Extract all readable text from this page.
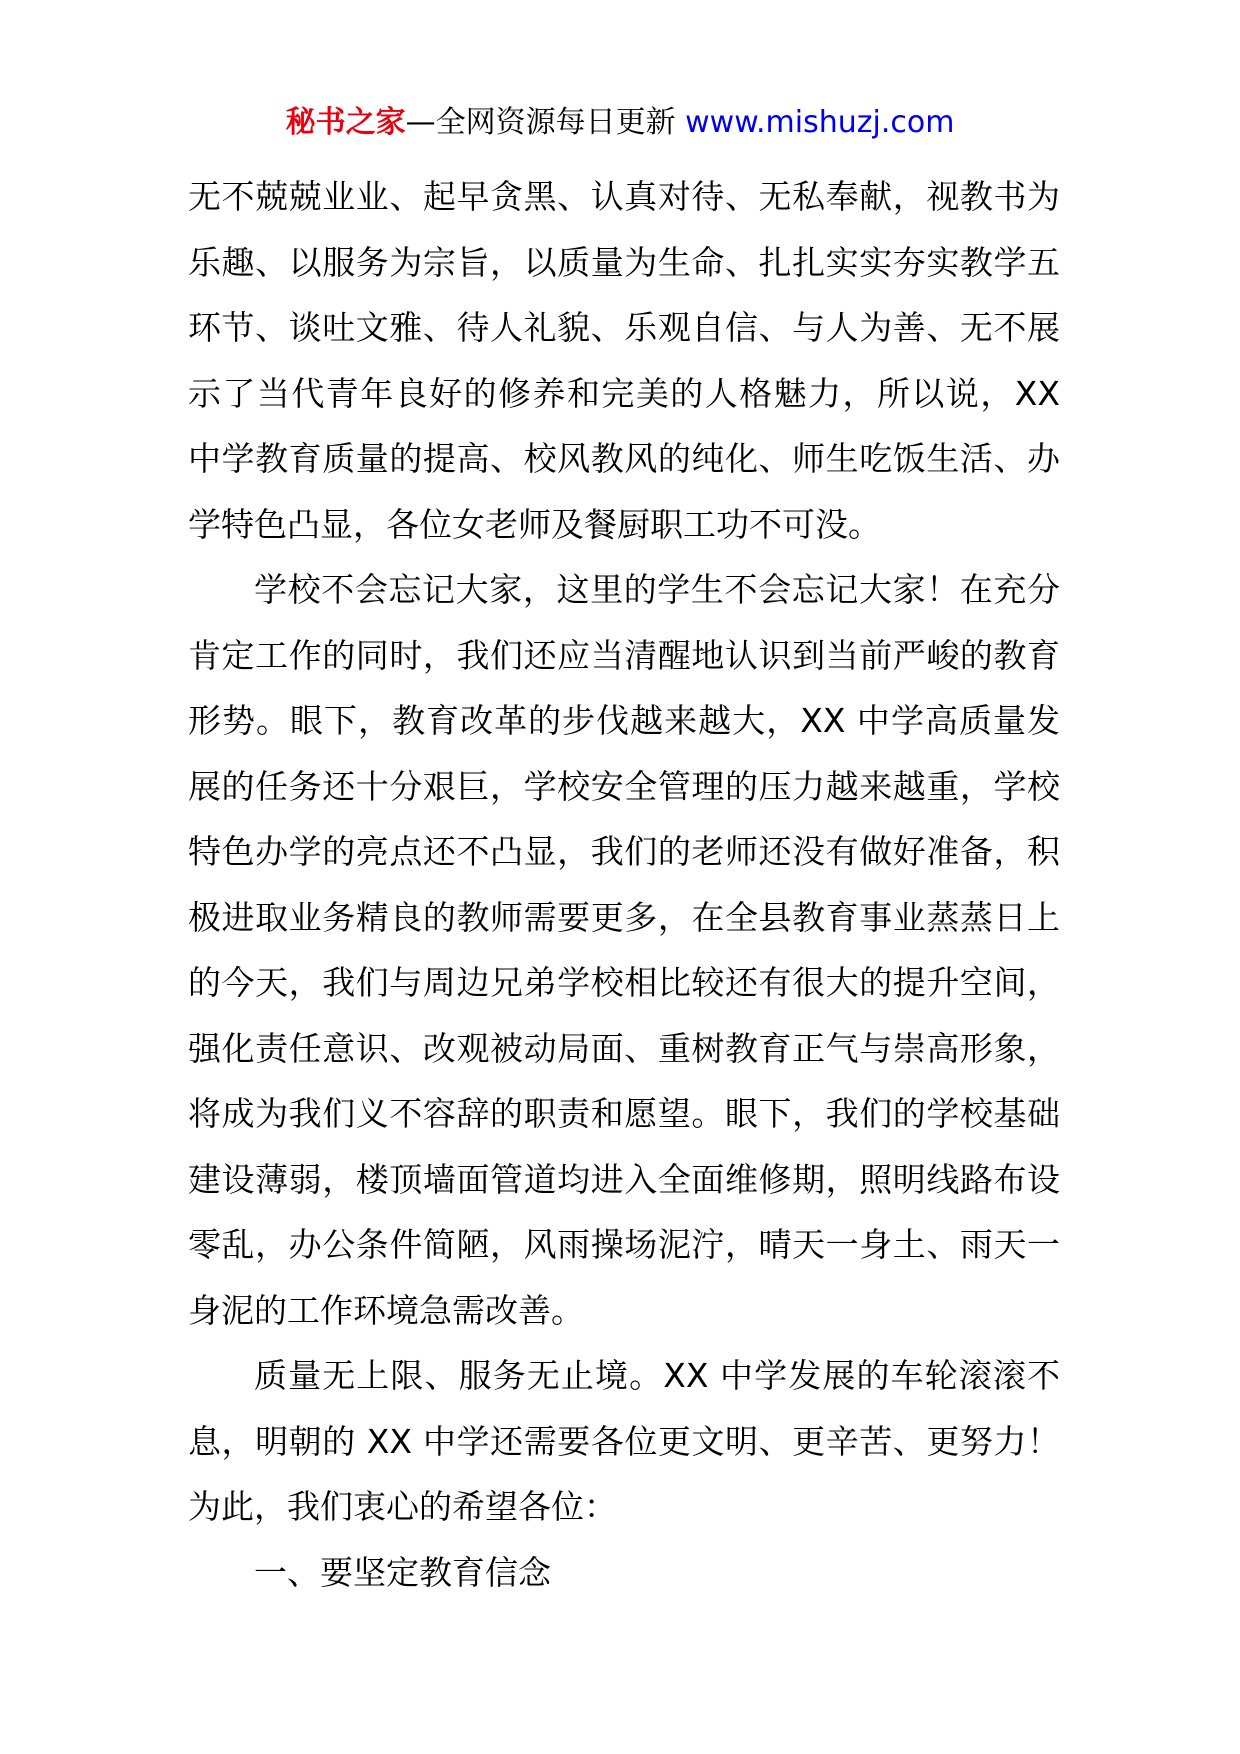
秘书之家—全网资源每日更新 www.mishuzj.com

无不兢兢业业、起早贪黑、认真对待、无私奉献，视教书为乐趣、以服务为宗旨，以质量为生命、扎扎实实夯实教学五环节、谈吐文雅、待人礼貌、乐观自信、与人为善、无不展示了当代青年良好的修养和完美的人格魅力，所以说，XX 中学教育质量的提高、校风教风的纯化、师生吃饭生活、办学特色凸显，各位女老师及餐厨职工功不可没。

学校不会忘记大家，这里的学生不会忘记大家！在充分肯定工作的同时，我们还应当清醒地认识到当前严峻的教育形势。眼下，教育改革的步伐越来越大，XX 中学高质量发展的任务还十分艰巨，学校安全管理的压力越来越重，学校特色办学的亮点还不凸显，我们的老师还没有做好准备，积极进取业务精良的教师需要更多，在全县教育事业蒸蒸日上的今天，我们与周边兄弟学校相比较还有很大的提升空间，强化责任意识、改观被动局面、重树教育正气与崇高形象，将成为我们义不容辞的职责和愿望。眼下，我们的学校基础建设薄弱，楼顶墙面管道均进入全面维修期，照明线路布设零乱，办公条件简陋，风雨操场泥泞，晴天一身土、雨天一身泥的工作环境急需改善。

质量无上限、服务无止境。XX 中学发展的车轮滚滚不息，明朝的 XX 中学还需要各位更文明、更辛苦、更努力！为此，我们衷心的希望各位：

一、要坚定教育信念
